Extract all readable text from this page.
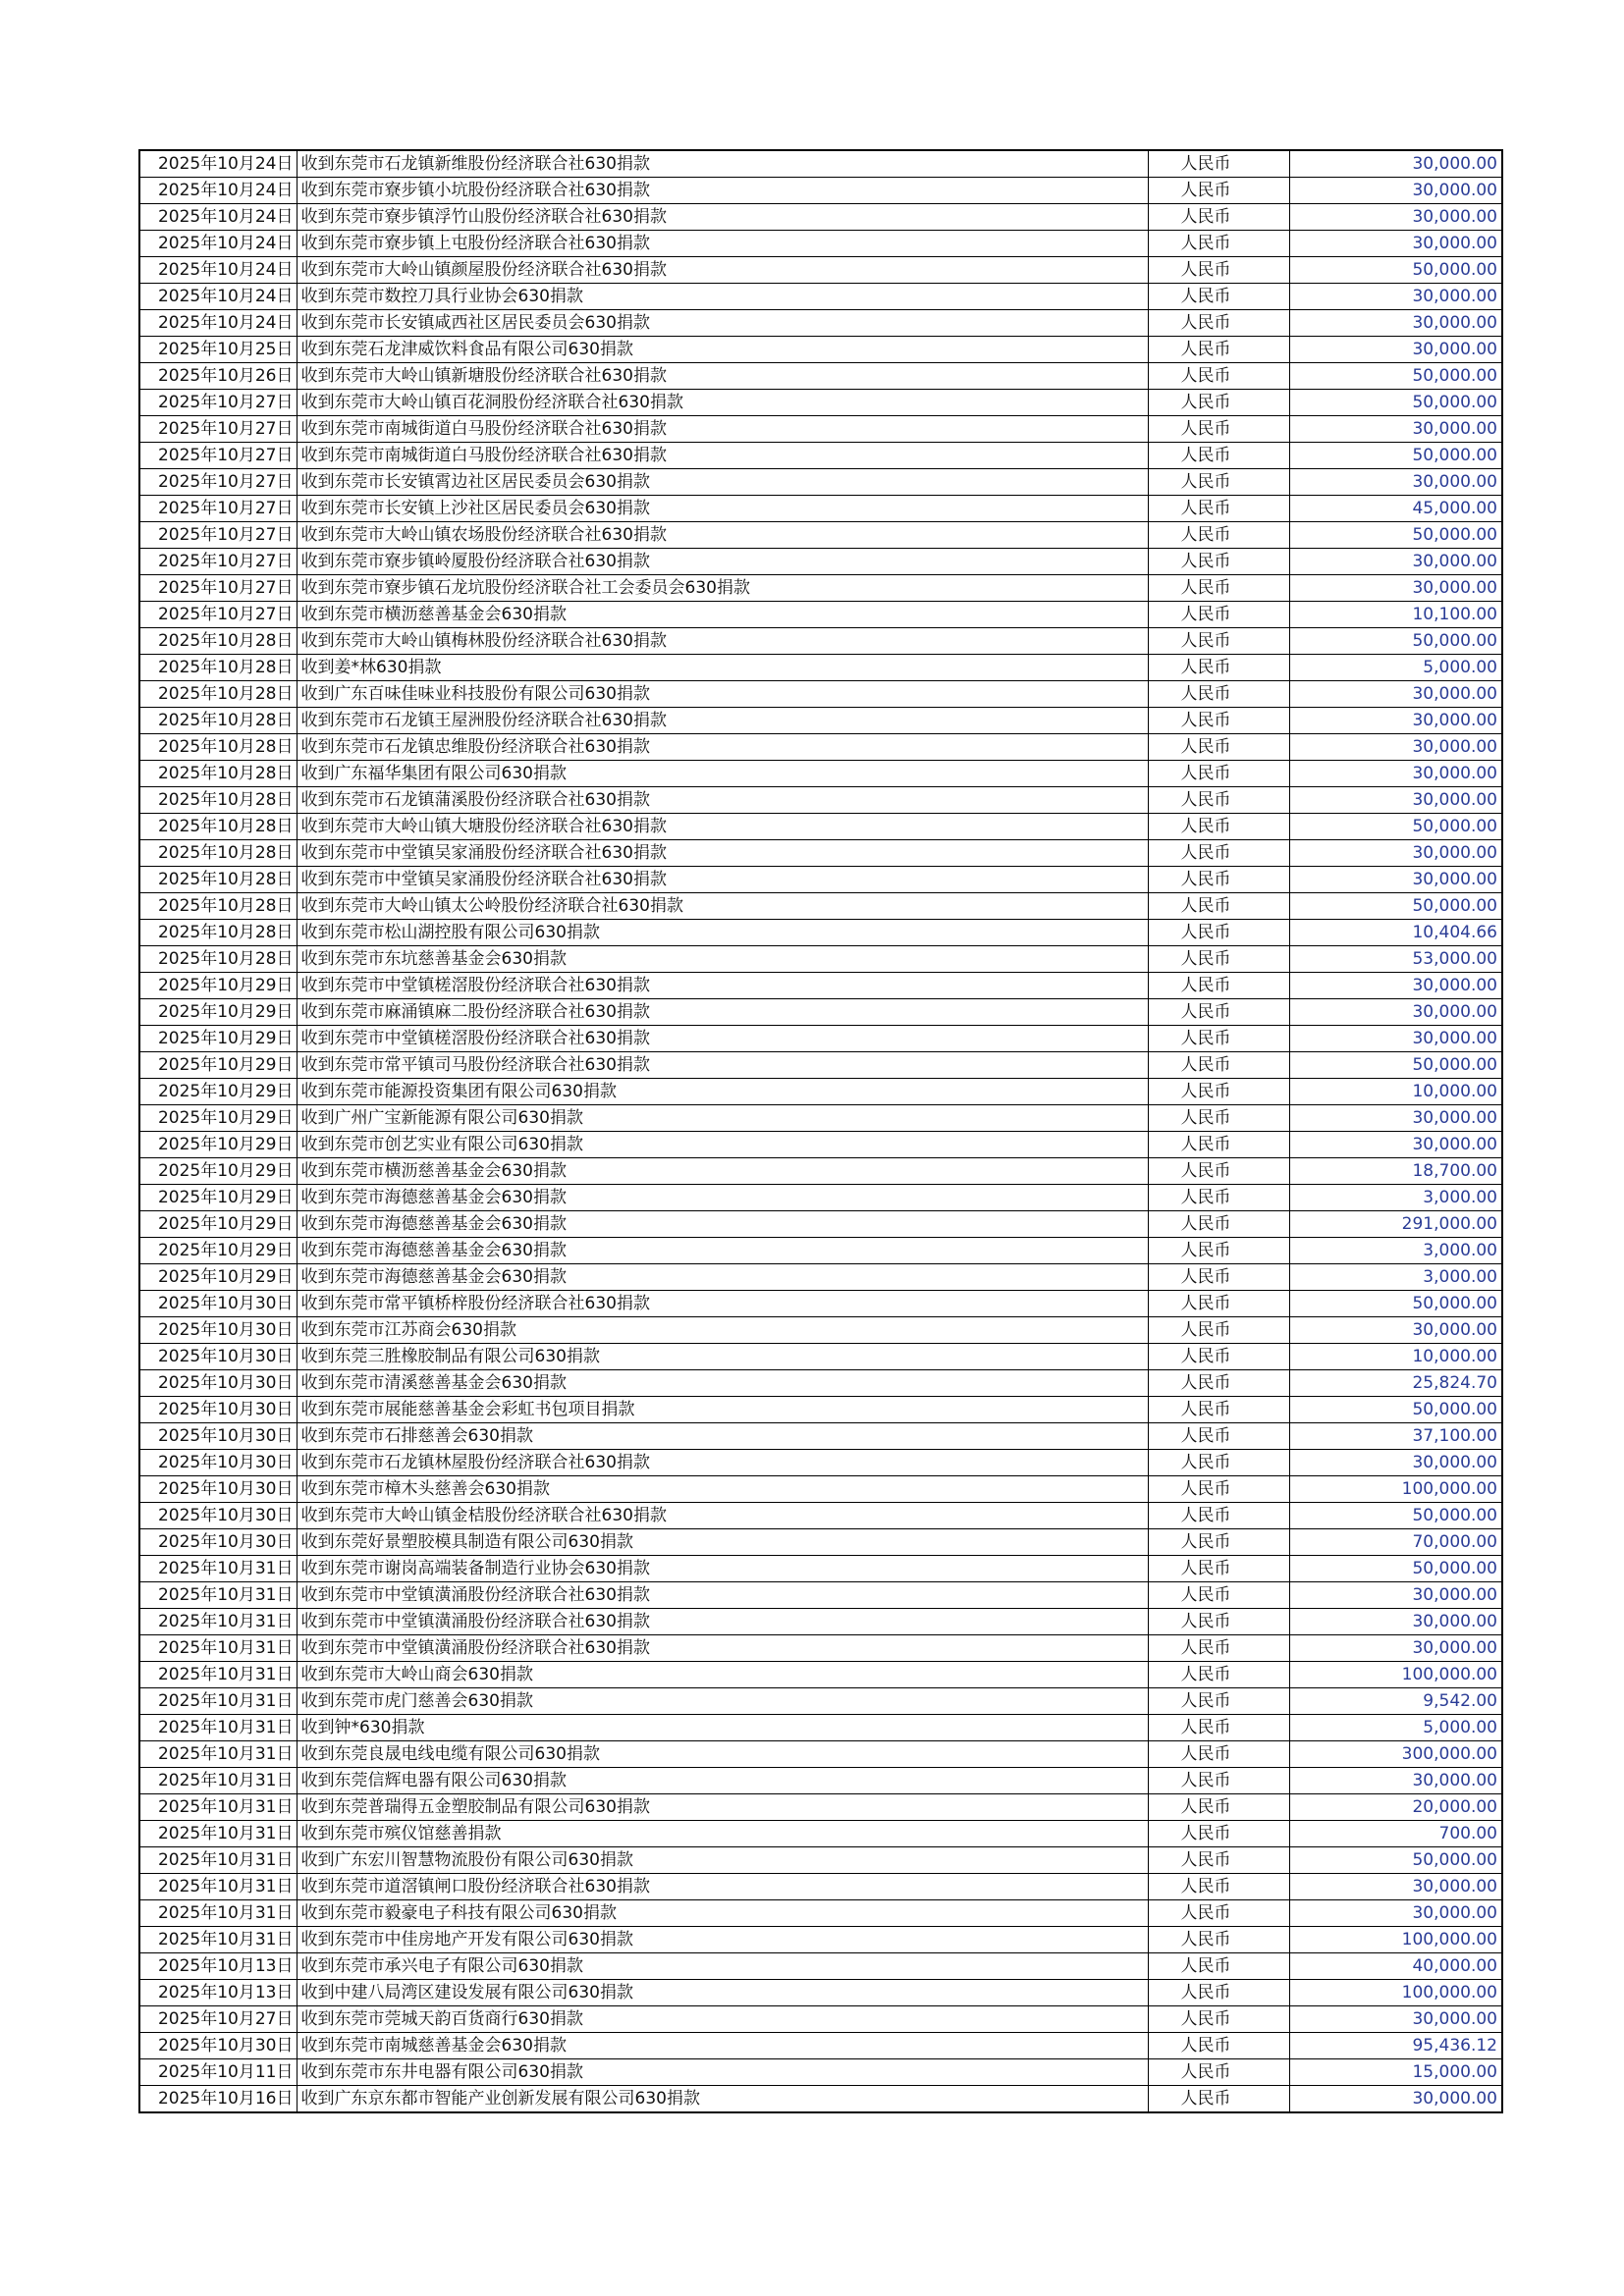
2025年10月24日	收到东莞市石龙镇新维股份经济联合社630捐款	人民币	30,000.00
2025年10月24日	收到东莞市寮步镇小坑股份经济联合社630捐款	人民币	30,000.00
2025年10月24日	收到东莞市寮步镇浮竹山股份经济联合社630捐款	人民币	30,000.00
2025年10月24日	收到东莞市寮步镇上屯股份经济联合社630捐款	人民币	30,000.00
2025年10月24日	收到东莞市大岭山镇颜屋股份经济联合社630捐款	人民币	50,000.00
2025年10月24日	收到东莞市数控刀具行业协会630捐款	人民币	30,000.00
2025年10月24日	收到东莞市长安镇咸西社区居民委员会630捐款	人民币	30,000.00
2025年10月25日	收到东莞石龙津威饮料食品有限公司630捐款	人民币	30,000.00
2025年10月26日	收到东莞市大岭山镇新塘股份经济联合社630捐款	人民币	50,000.00
2025年10月27日	收到东莞市大岭山镇百花洞股份经济联合社630捐款	人民币	50,000.00
2025年10月27日	收到东莞市南城街道白马股份经济联合社630捐款	人民币	30,000.00
2025年10月27日	收到东莞市南城街道白马股份经济联合社630捐款	人民币	50,000.00
2025年10月27日	收到东莞市长安镇霄边社区居民委员会630捐款	人民币	30,000.00
2025年10月27日	收到东莞市长安镇上沙社区居民委员会630捐款	人民币	45,000.00
2025年10月27日	收到东莞市大岭山镇农场股份经济联合社630捐款	人民币	50,000.00
2025年10月27日	收到东莞市寮步镇岭厦股份经济联合社630捐款	人民币	30,000.00
2025年10月27日	收到东莞市寮步镇石龙坑股份经济联合社工会委员会630捐款	人民币	30,000.00
2025年10月27日	收到东莞市横沥慈善基金会630捐款	人民币	10,100.00
2025年10月28日	收到东莞市大岭山镇梅林股份经济联合社630捐款	人民币	50,000.00
2025年10月28日	收到姜*林630捐款	人民币	5,000.00
2025年10月28日	收到广东百味佳味业科技股份有限公司630捐款	人民币	30,000.00
2025年10月28日	收到东莞市石龙镇王屋洲股份经济联合社630捐款	人民币	30,000.00
2025年10月28日	收到东莞市石龙镇忠维股份经济联合社630捐款	人民币	30,000.00
2025年10月28日	收到广东福华集团有限公司630捐款	人民币	30,000.00
2025年10月28日	收到东莞市石龙镇蒲溪股份经济联合社630捐款	人民币	30,000.00
2025年10月28日	收到东莞市大岭山镇大塘股份经济联合社630捐款	人民币	50,000.00
2025年10月28日	收到东莞市中堂镇吴家涌股份经济联合社630捐款	人民币	30,000.00
2025年10月28日	收到东莞市中堂镇吴家涌股份经济联合社630捐款	人民币	30,000.00
2025年10月28日	收到东莞市大岭山镇太公岭股份经济联合社630捐款	人民币	50,000.00
2025年10月28日	收到东莞市松山湖控股有限公司630捐款	人民币	10,404.66
2025年10月28日	收到东莞市东坑慈善基金会630捐款	人民币	53,000.00
2025年10月29日	收到东莞市中堂镇槎滘股份经济联合社630捐款	人民币	30,000.00
2025年10月29日	收到东莞市麻涌镇麻二股份经济联合社630捐款	人民币	30,000.00
2025年10月29日	收到东莞市中堂镇槎滘股份经济联合社630捐款	人民币	30,000.00
2025年10月29日	收到东莞市常平镇司马股份经济联合社630捐款	人民币	50,000.00
2025年10月29日	收到东莞市能源投资集团有限公司630捐款	人民币	10,000.00
2025年10月29日	收到广州广宝新能源有限公司630捐款	人民币	30,000.00
2025年10月29日	收到东莞市创艺实业有限公司630捐款	人民币	30,000.00
2025年10月29日	收到东莞市横沥慈善基金会630捐款	人民币	18,700.00
2025年10月29日	收到东莞市海德慈善基金会630捐款	人民币	3,000.00
2025年10月29日	收到东莞市海德慈善基金会630捐款	人民币	291,000.00
2025年10月29日	收到东莞市海德慈善基金会630捐款	人民币	3,000.00
2025年10月29日	收到东莞市海德慈善基金会630捐款	人民币	3,000.00
2025年10月30日	收到东莞市常平镇桥梓股份经济联合社630捐款	人民币	50,000.00
2025年10月30日	收到东莞市江苏商会630捐款	人民币	30,000.00
2025年10月30日	收到东莞三胜橡胶制品有限公司630捐款	人民币	10,000.00
2025年10月30日	收到东莞市清溪慈善基金会630捐款	人民币	25,824.70
2025年10月30日	收到东莞市展能慈善基金会彩虹书包项目捐款	人民币	50,000.00
2025年10月30日	收到东莞市石排慈善会630捐款	人民币	37,100.00
2025年10月30日	收到东莞市石龙镇林屋股份经济联合社630捐款	人民币	30,000.00
2025年10月30日	收到东莞市樟木头慈善会630捐款	人民币	100,000.00
2025年10月30日	收到东莞市大岭山镇金桔股份经济联合社630捐款	人民币	50,000.00
2025年10月30日	收到东莞好景塑胶模具制造有限公司630捐款	人民币	70,000.00
2025年10月31日	收到东莞市谢岗高端装备制造行业协会630捐款	人民币	50,000.00
2025年10月31日	收到东莞市中堂镇潢涌股份经济联合社630捐款	人民币	30,000.00
2025年10月31日	收到东莞市中堂镇潢涌股份经济联合社630捐款	人民币	30,000.00
2025年10月31日	收到东莞市中堂镇潢涌股份经济联合社630捐款	人民币	30,000.00
2025年10月31日	收到东莞市大岭山商会630捐款	人民币	100,000.00
2025年10月31日	收到东莞市虎门慈善会630捐款	人民币	9,542.00
2025年10月31日	收到钟*630捐款	人民币	5,000.00
2025年10月31日	收到东莞良晟电线电缆有限公司630捐款	人民币	300,000.00
2025年10月31日	收到东莞信辉电器有限公司630捐款	人民币	30,000.00
2025年10月31日	收到东莞普瑞得五金塑胶制品有限公司630捐款	人民币	20,000.00
2025年10月31日	收到东莞市殡仪馆慈善捐款	人民币	700.00
2025年10月31日	收到广东宏川智慧物流股份有限公司630捐款	人民币	50,000.00
2025年10月31日	收到东莞市道滘镇闸口股份经济联合社630捐款	人民币	30,000.00
2025年10月31日	收到东莞市毅豪电子科技有限公司630捐款	人民币	30,000.00
2025年10月31日	收到东莞市中佳房地产开发有限公司630捐款	人民币	100,000.00
2025年10月13日	收到东莞市承兴电子有限公司630捐款	人民币	40,000.00
2025年10月13日	收到中建八局湾区建设发展有限公司630捐款	人民币	100,000.00
2025年10月27日	收到东莞市莞城天韵百货商行630捐款	人民币	30,000.00
2025年10月30日	收到东莞市南城慈善基金会630捐款	人民币	95,436.12
2025年10月11日	收到东莞市东井电器有限公司630捐款	人民币	15,000.00
2025年10月16日	收到广东京东都市智能产业创新发展有限公司630捐款	人民币	30,000.00
